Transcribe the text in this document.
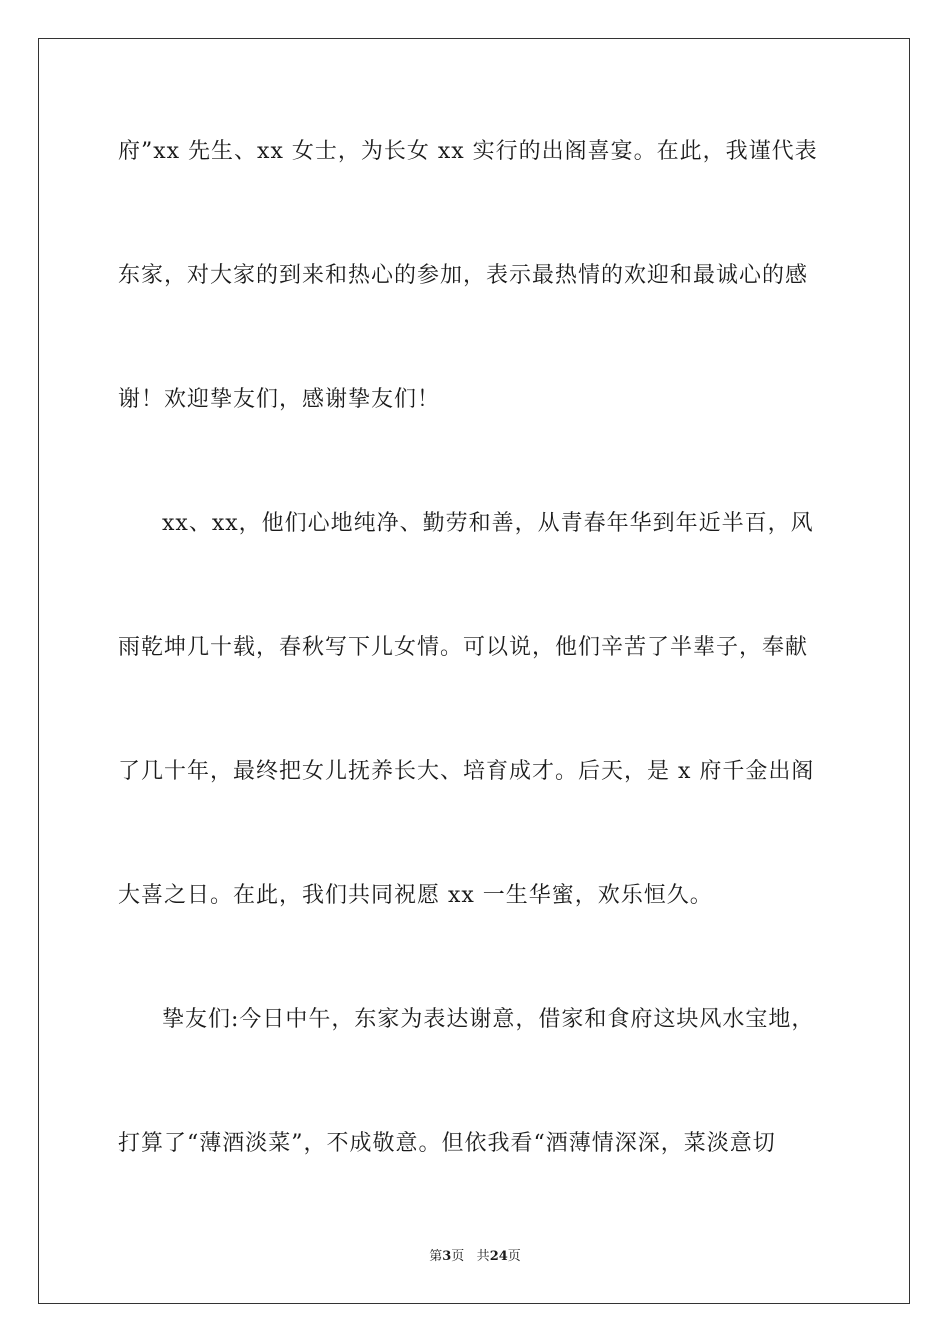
府”xx 先生、xx 女士，为长女 xx 实行的出阁喜宴。在此，我谨代表
东家，对大家的到来和热心的参加，表示最热情的欢迎和最诚心的感
谢！欢迎挚友们，感谢挚友们！
xx、xx，他们心地纯净、勤劳和善，从青春年华到年近半百，风
雨乾坤几十载，春秋写下儿女情。可以说，他们辛苦了半辈子，奉献
了几十年，最终把女儿抚养长大、培育成才。后天，是 x 府千金出阁
大喜之日。在此，我们共同祝愿 xx 一生华蜜，欢乐恒久。
挚友们:今日中午，东家为表达谢意，借家和食府这块风水宝地，
打算了“薄酒淡菜”，不成敬意。但依我看“酒薄情深深，菜淡意切
第3页 共24页
